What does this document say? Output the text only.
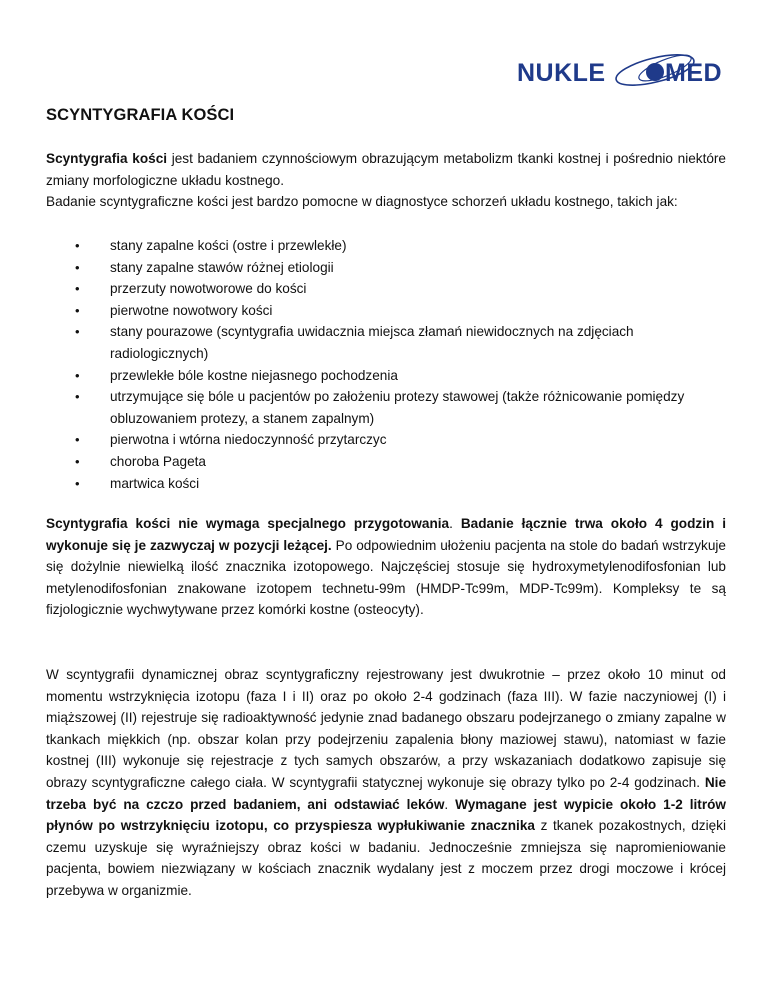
NUKLE MED
SCYNTYGRAFIA KOŚCI

Scyntygrafia kości jest badaniem czynnościowym obrazującym metabolizm tkanki kostnej i pośrednio niektóre zmiany morfologiczne układu kostnego.

Badanie scyntygraficzne kości jest bardzo pomocne w diagnostyce schorzeń układu kostnego, takich jak:

• stany zapalne kości (ostre i przewlekłe)
• stany zapalne stawów różnej etiologii
• przerzuty nowotworowe do kości
• pierwotne nowotwory kości
• stany pourazowe (scyntygrafia uwidacznia miejsca złamań niewidocznych na zdjęciach radiologicznych)
• przewlekłe bóle kostne niejasnego pochodzenia
• utrzymujące się bóle u pacjentów po założeniu protezy stawowej (także różnicowanie pomiędzy obluzowaniem protezy, a stanem zapalnym)
• pierwotna i wtórna niedoczynność przytarczyc
• choroba Pageta
• martwica kości

Scyntygrafia kości nie wymaga specjalnego przygotowania. Badanie łącznie trwa około 4 godzin i wykonuje się je zazwyczaj w pozycji leżącej. Po odpowiednim ułożeniu pacjenta na stole do badań wstrzykuje się dożylnie niewielką ilość znacznika izotopowego. Najczęściej stosuje się hydroxymetylenodifosfonian lub metylenodifosfonian znakowane izotopem technetu-99m (HMDP-Tc99m, MDP-Tc99m). Kompleksy te są fizjologicznie wychwytywane przez komórki kostne (osteocyty).

W scyntygrafii dynamicznej obraz scyntygraficzny rejestrowany jest dwukrotnie – przez około 10 minut od momentu wstrzyknięcia izotopu (faza I i II) oraz po około 2-4 godzinach (faza III). W fazie naczyniowej (I) i miąższowej (II) rejestruje się radioaktywność jedynie znad badanego obszaru podejrzanego o zmiany zapalne w tkankach miękkich (np. obszar kolan przy podejrzeniu zapalenia błony maziowej stawu), natomiast w fazie kostnej (III) wykonuje się rejestracje z tych samych obszarów, a przy wskazaniach dodatkowo zapisuje się obrazy scyntygraficzne całego ciała. W scyntygrafii statycznej wykonuje się obrazy tylko po 2-4 godzinach. Nie trzeba być na czczo przed badaniem, ani odstawiać leków. Wymagane jest wypicie około 1-2 litrów płynów po wstrzyknięciu izotopu, co przyspiesza wypłukiwanie znacznika z tkanek pozakostnych, dzięki czemu uzyskuje się wyraźniejszy obraz kości w badaniu. Jednocześnie zmniejsza się napromieniowanie pacjenta, bowiem niezwiązany w kościach znacznik wydalany jest z moczem przez drogi moczowe i krócej przebywa w organizmie.
